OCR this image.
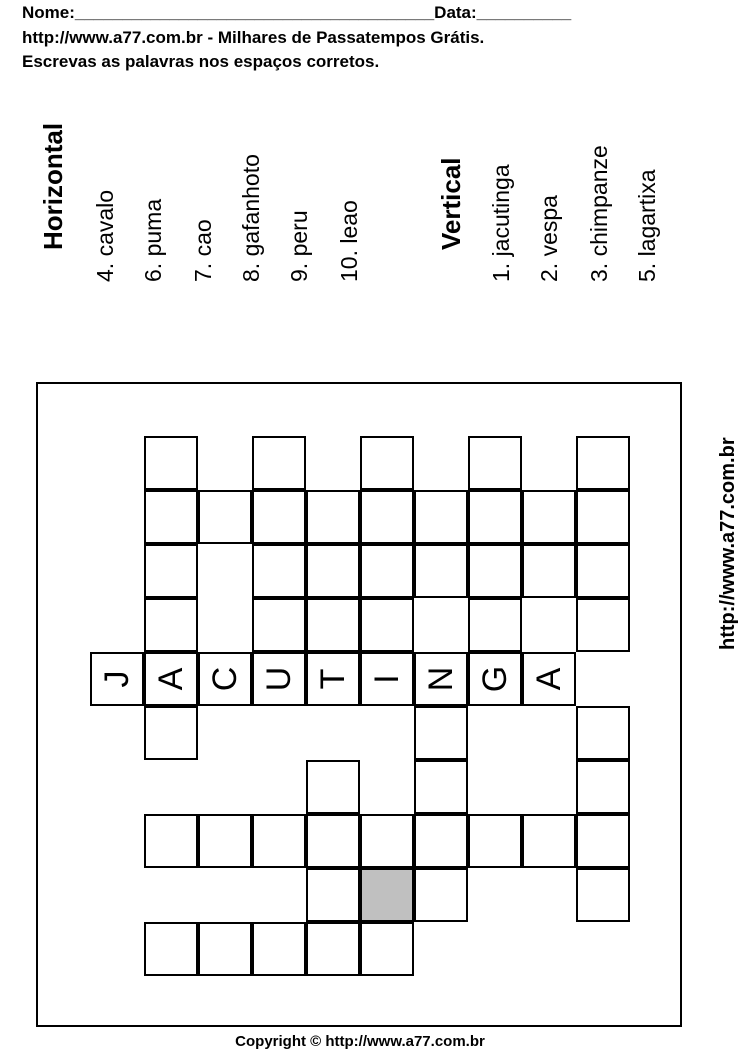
Nome:______________________________________Data:__________
http://www.a77.com.br - Milhares de Passatempos Grátis.
Escrevas as palavras nos espaços corretos.
Horizontal	Vertical
4. cavalo 6. puma 7. cao 8. gafanhoto 9. peru 10. leao	1. jacutinga 2. vespa 3. chimpanze 5. lagartixa
http://www.a77.com.br
J A C U T I N G A
Copyright © http://www.a77.com.br
